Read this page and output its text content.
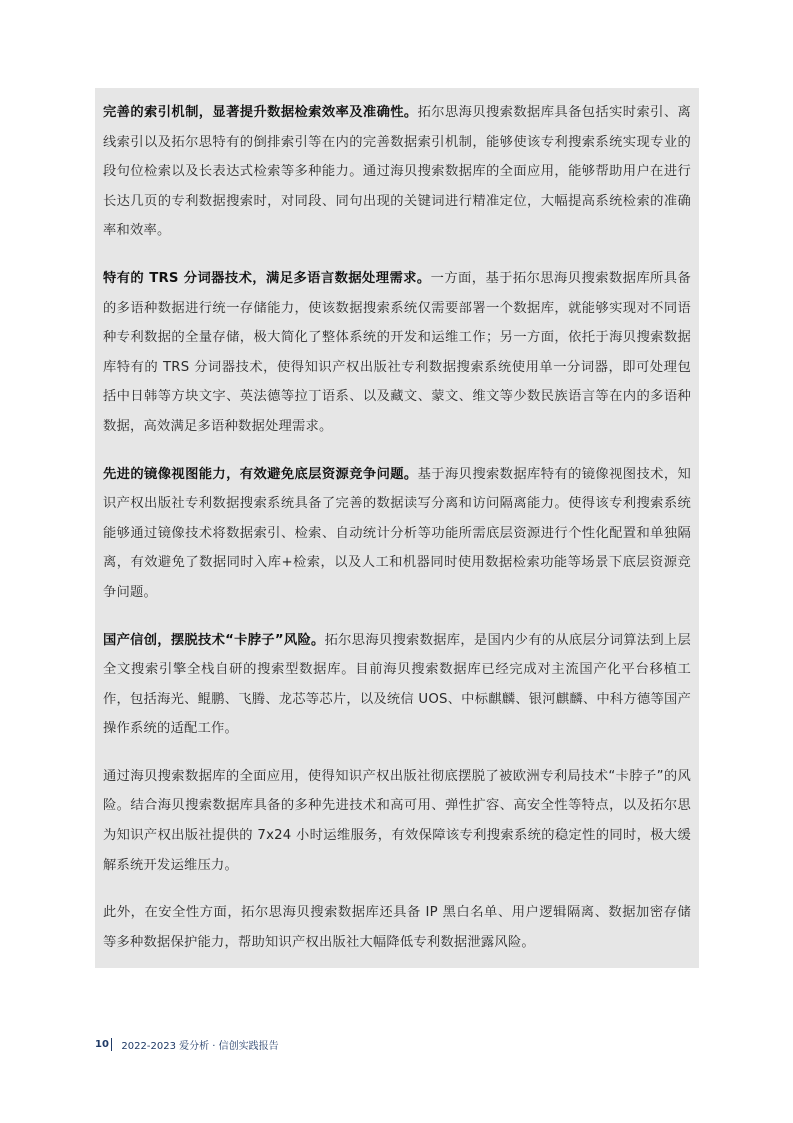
完善的索引机制，显著提升数据检索效率及准确性。拓尔思海贝搜索数据库具备包括实时索引、离线索引以及拓尔思特有的倒排索引等在内的完善数据索引机制，能够使该专利搜索系统实现专业的段句位检索以及长表达式检索等多种能力。通过海贝搜索数据库的全面应用，能够帮助用户在进行长达几页的专利数据搜索时，对同段、同句出现的关键词进行精准定位，大幅提高系统检索的准确率和效率。

特有的 TRS 分词器技术，满足多语言数据处理需求。一方面，基于拓尔思海贝搜索数据库所具备的多语种数据进行统一存储能力，使该数据搜索系统仅需要部署一个数据库，就能够实现对不同语种专利数据的全量存储，极大简化了整体系统的开发和运维工作；另一方面，依托于海贝搜索数据库特有的 TRS 分词器技术，使得知识产权出版社专利数据搜索系统使用单一分词器，即可处理包括中日韩等方块文字、英法德等拉丁语系、以及藏文、蒙文、维文等少数民族语言等在内的多语种数据，高效满足多语种数据处理需求。

先进的镜像视图能力，有效避免底层资源竞争问题。基于海贝搜索数据库特有的镜像视图技术，知识产权出版社专利数据搜索系统具备了完善的数据读写分离和访问隔离能力。使得该专利搜索系统能够通过镜像技术将数据索引、检索、自动统计分析等功能所需底层资源进行个性化配置和单独隔离，有效避免了数据同时入库+检索，以及人工和机器同时使用数据检索功能等场景下底层资源竞争问题。

国产信创，摆脱技术“卡脖子”风险。拓尔思海贝搜索数据库，是国内少有的从底层分词算法到上层全文搜索引擎全栈自研的搜索型数据库。目前海贝搜索数据库已经完成对主流国产化平台移植工作，包括海光、鲲鹏、飞腾、龙芯等芯片，以及统信 UOS、中标麒麟、银河麒麟、中科方德等国产操作系统的适配工作。

通过海贝搜索数据库的全面应用，使得知识产权出版社彻底摆脱了被欧洲专利局技术“卡脖子”的风险。结合海贝搜索数据库具备的多种先进技术和高可用、弹性扩容、高安全性等特点，以及拓尔思为知识产权出版社提供的 7x24 小时运维服务，有效保障该专利搜索系统的稳定性的同时，极大缓解系统开发运维压力。

此外，在安全性方面，拓尔思海贝搜索数据库还具备 IP 黑白名单、用户逻辑隔离、数据加密存储等多种数据保护能力，帮助知识产权出版社大幅降低专利数据泄露风险。

10 2022-2023 爱分析 · 信创实践报告
